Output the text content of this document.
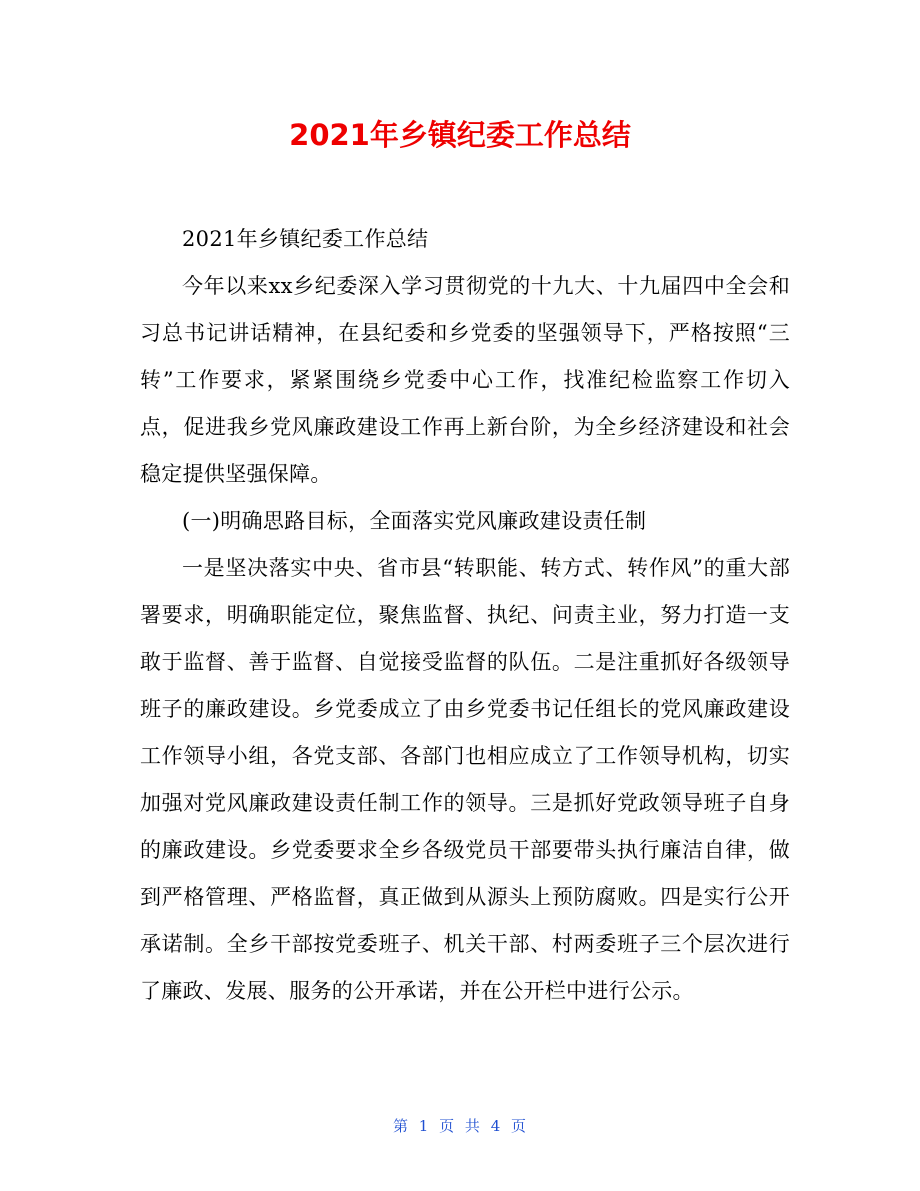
2021年乡镇纪委工作总结

2021年乡镇纪委工作总结

今年以来xx乡纪委深入学习贯彻党的十九大、十九届四中全会和习总书记讲话精神，在县纪委和乡党委的坚强领导下，严格按照“三转”工作要求，紧紧围绕乡党委中心工作，找准纪检监察工作切入点，促进我乡党风廉政建设工作再上新台阶，为全乡经济建设和社会稳定提供坚强保障。

(一)明确思路目标，全面落实党风廉政建设责任制

一是坚决落实中央、省市县“转职能、转方式、转作风”的重大部署要求，明确职能定位，聚焦监督、执纪、问责主业，努力打造一支敢于监督、善于监督、自觉接受监督的队伍。二是注重抓好各级领导班子的廉政建设。乡党委成立了由乡党委书记任组长的党风廉政建设工作领导小组，各党支部、各部门也相应成立了工作领导机构，切实加强对党风廉政建设责任制工作的领导。三是抓好党政领导班子自身的廉政建设。乡党委要求全乡各级党员干部要带头执行廉洁自律，做到严格管理、严格监督，真正做到从源头上预防腐败。四是实行公开承诺制。全乡干部按党委班子、机关干部、村两委班子三个层次进行了廉政、发展、服务的公开承诺，并在公开栏中进行公示。

第 1 页 共 4 页
